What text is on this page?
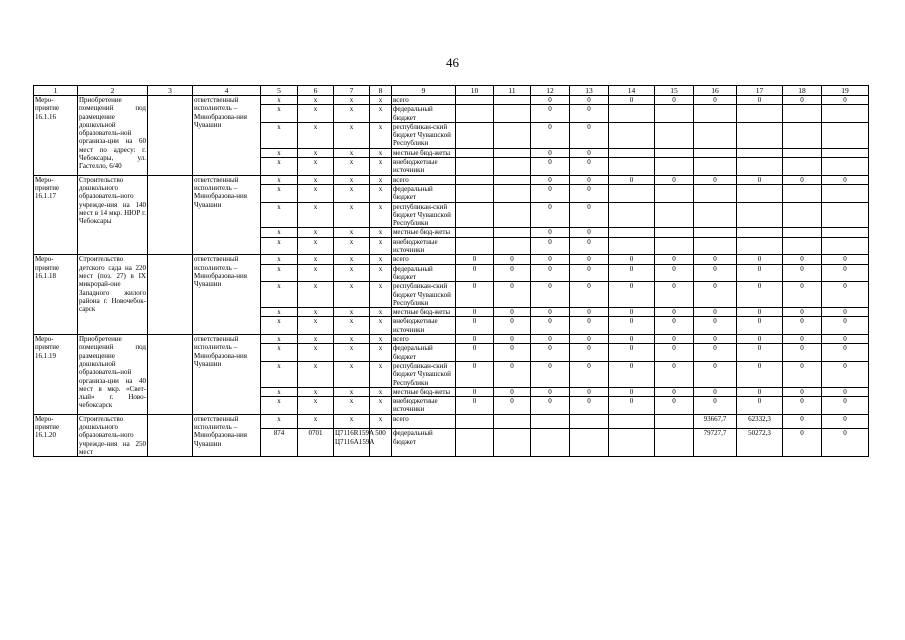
46
1	2	3	4	5	6	7	8	9	10	11	12	13	14	15	16	17	18	19
Меро-приятие 16.1.16	Приобретение помещений под размещение дошкольной образователь-ной организа-ции на 60 мест по адресу: г. Чебоксары, ул. Гастелло, 6/40		ответственный исполнитель – Минобразова-ния Чувашии	x	x	x	x	всего			0	0	0	0	0	0	0	0
				x	x	x	x	федеральный бюджет			0	0						
				x	x	x	x	республикан-ский бюджет Чувашской Республики			0	0						
				x	x	x	x	местные бюд-жеты			0	0						
				x	x	x	x	внебюджетные источники			0	0						
Меро-приятие 16.1.17	Строительство дошкольного образователь-ного учрежде-ния на 140 мест в 14 мкр. НЮР г. Чебоксары		ответственный исполнитель – Минобразова-ния Чувашии	x	x	x	x	всего			0	0	0	0	0	0	0	0
				x	x	x	x	федеральный бюджет			0	0						
				x	x	x	x	республикан-ский бюджет Чувашской Республики			0	0						
				x	x	x	x	местные бюд-жеты			0	0						
				x	x	x	x	внебюджетные источники			0	0						
Меро-приятие 16.1.18	Строительство детского сада на 220 мест (поз. 27) в IX микрорай-оне Западного жилого района г. Новочебок-сарск		ответственный исполнитель – Минобразова-ния Чувашии	x	x	x	x	всего	0	0	0	0	0	0	0	0	0	0
				x	x	x	x	федеральный бюджет	0	0	0	0	0	0	0	0	0	0
				x	x	x	x	республикан-ский бюджет Чувашской Республики	0	0	0	0	0	0	0	0	0	0
				x	x	x	x	местные бюд-жеты	0	0	0	0	0	0	0	0	0	0
				x	x	x	x	внебюджетные источники	0	0	0	0	0	0	0	0	0	0
Меро-приятие 16.1.19	Приобретение помещений под размещение дошкольной образователь-ной организа-ции на 40 мест в мкр. «Свет-лый» г. Ново-чебоксарск		ответственный исполнитель – Минобразова-ния Чувашии	x	x	x	x	всего	0	0	0	0	0	0	0	0	0	0
				x	x	x	x	федеральный бюджет	0	0	0	0	0	0	0	0	0	0
				x	x	x	x	республикан-ский бюджет Чувашской Республики	0	0	0	0	0	0	0	0	0	0
				x	x	x	x	местные бюд-жеты	0	0	0	0	0	0	0	0	0	0
				x	x	x	x	внебюджетные источники	0	0	0	0	0	0	0	0	0	0
Меро-приятие 16.1.20	Строительство дошкольного образователь-ного учрежде-ния на 250 мест		ответственный исполнитель – Минобразова-ния Чувашии	x	x	x	x	всего							93667,7	62332,3	0	0
				874	0701	Ц7116R159А Ц7116А159А	500	федеральный бюджет							79727,7	50272,3	0	0
